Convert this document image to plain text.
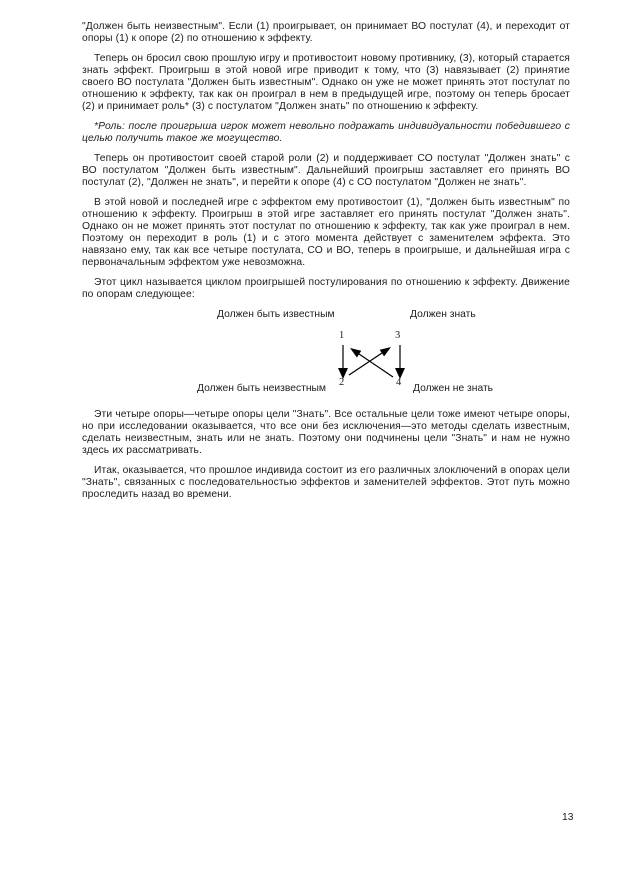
"Должен быть неизвестным". Если (1) проигрывает, он принимает ВО постулат (4), и переходит от опоры (1) к опоре (2) по отношению к эффекту.

Теперь он бросил свою прошлую игру и противостоит новому противнику, (3), который старается знать эффект. Проигрыш в этой новой игре приводит к тому, что (3) навязывает (2) принятие своего ВО постулата "Должен быть известным". Однако он уже не может принять этот постулат по отношению к эффекту, так как он проиграл в нем в предыдущей игре, поэтому он теперь бросает (2) и принимает роль* (3) с постулатом "Должен знать" по отношению к эффекту.

*Роль: после проигрыша игрок может невольно подражать индивидуальности победившего с целью получить такое же могущество.

Теперь он противостоит своей старой роли (2) и поддерживает СО постулат "Должен знать" с ВО постулатом "Должен быть известным". Дальнейший проигрыш заставляет его принять ВО постулат (2), "Должен не знать", и перейти к опоре (4) с СО постулатом "Должен не знать".

В этой новой и последней игре с эффектом ему противостоит (1), "Должен быть известным" по отношению к эффекту. Проигрыш в этой игре заставляет его принять постулат "Должен знать". Однако он не может принять этот постулат по отношению к эффекту, так как уже проиграл в нем. Поэтому он переходит в роль (1) и с этого момента действует с заменителем эффекта. Это навязано ему, так как все четыре постулата, СО и ВО, теперь в проигрыше, и дальнейшая игра с первоначальным эффектом уже невозможна.

Этот цикл называется циклом проигрышей постулирования по отношению к эффекту. Движение по опорам следующее:

Должен быть известным	Должен знать
1	3
2	4
Должен быть неизвестным	Должен не знать

Эти четыре опоры—четыре опоры цели "Знать". Все остальные цели тоже имеют четыре опоры, но при исследовании оказывается, что все они без исключения—это методы сделать известным, сделать неизвестным, знать или не знать. Поэтому они подчинены цели "Знать" и нам не нужно здесь их рассматривать.

Итак, оказывается, что прошлое индивида состоит из его различных злоключений в опорах цели "Знать", связанных с последовательностью эффектов и заменителей эффектов. Этот путь можно проследить назад во времени.

13
